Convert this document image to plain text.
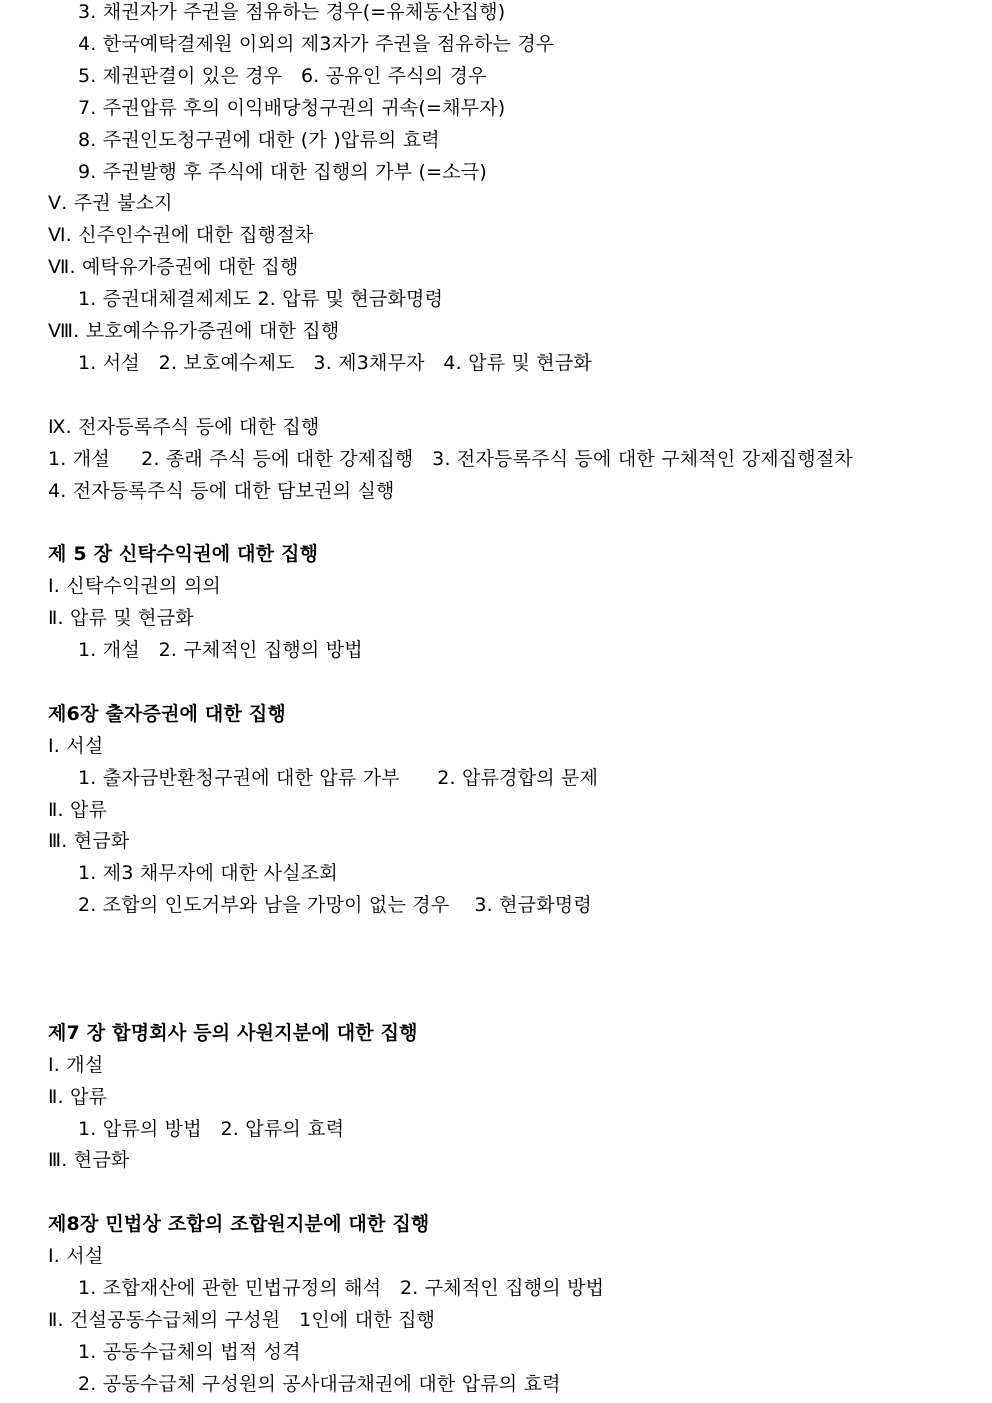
3. 채권자가 주권을 점유하는 경우(=유체동산집행)
4. 한국예탁결제원 이외의 제3자가 주권을 점유하는 경우
5. 제권판결이 있은 경우   6. 공유인 주식의 경우
7. 주권압류 후의 이익배당청구권의 귀속(=채무자)
8. 주권인도청구권에 대한 (가 )압류의 효력
9. 주권발행 후 주식에 대한 집행의 가부 (=소극)
Ⅴ. 주권 불소지
Ⅵ. 신주인수권에 대한 집행절차
Ⅶ. 예탁유가증권에 대한 집행
1. 증권대체결제제도 2. 압류 및 현금화명령
Ⅷ. 보호예수유가증권에 대한 집행
1. 서설   2. 보호예수제도   3. 제3채무자   4. 압류 및 현금화
Ⅸ. 전자등록주식 등에 대한 집행
1. 개설     2. 종래 주식 등에 대한 강제집행   3. 전자등록주식 등에 대한 구체적인 강제집행절차
4. 전자등록주식 등에 대한 담보권의 실행
제 5 장 신탁수익권에 대한 집행
Ⅰ. 신탁수익권의 의의
Ⅱ. 압류 및 현금화
1. 개설   2. 구체적인 집행의 방법
제6장 출자증권에 대한 집행
Ⅰ. 서설
1. 출자금반환청구권에 대한 압류 가부      2. 압류경합의 문제
Ⅱ. 압류
Ⅲ. 현금화
1. 제3 채무자에 대한 사실조회
2. 조합의 인도거부와 남을 가망이 없는 경우    3. 현금화명령
제7 장 합명회사 등의 사원지분에 대한 집행
Ⅰ. 개설
Ⅱ. 압류
1. 압류의 방법   2. 압류의 효력
Ⅲ. 현금화
제8장 민법상 조합의 조합원지분에 대한 집행
Ⅰ. 서설
1. 조합재산에 관한 민법규정의 해석   2. 구체적인 집행의 방법
Ⅱ. 건설공동수급체의 구성원   1인에 대한 집행
1. 공동수급체의 법적 성격
2. 공동수급체 구성원의 공사대금채권에 대한 압류의 효력
